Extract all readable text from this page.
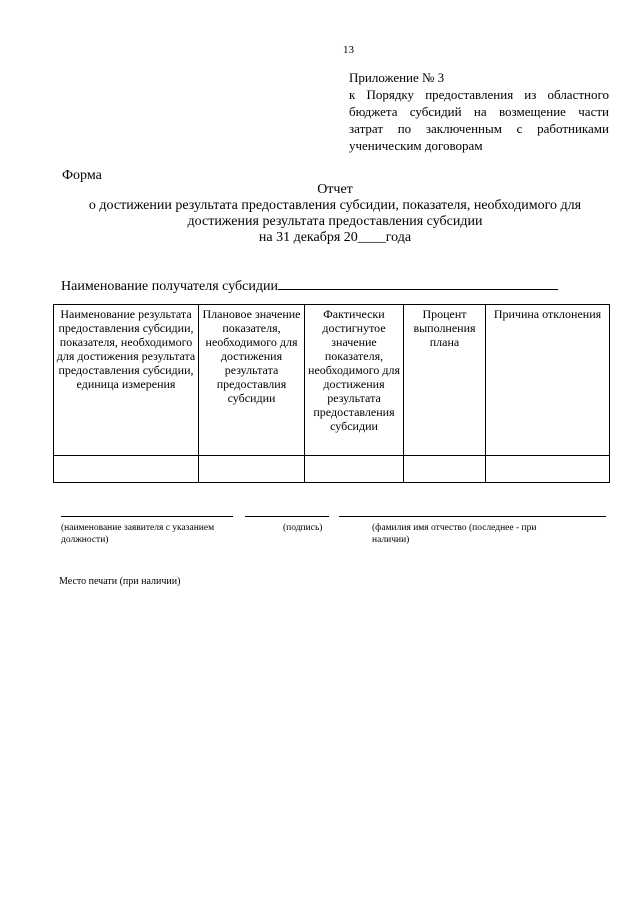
13
Приложение № 3
к Порядку предоставления из областного бюджета субсидий на возмещение части затрат по заключенным с работниками ученическим договорам
Форма
Отчет
о достижении результата предоставления субсидии, показателя, необходимого для
достижения результата предоставления субсидии
на 31 декабря 20____года
Наименование получателя субсидии
Наименование результата предоставления субсидии, показателя, необходимого для достижения результата предоставления субсидии, единица измерения	Плановое значение показателя, необходимого для достижения результата предоставлия субсидии	Фактически достигнутое значение показателя, необходимого для достижения результата предоставления субсидии	Процент выполнения плана	Причина отклонения

(наименование заявителя с указанием должности)
(подпись)	(фамилия имя отчество (последнее - при наличии)
Место печати (при наличии)
